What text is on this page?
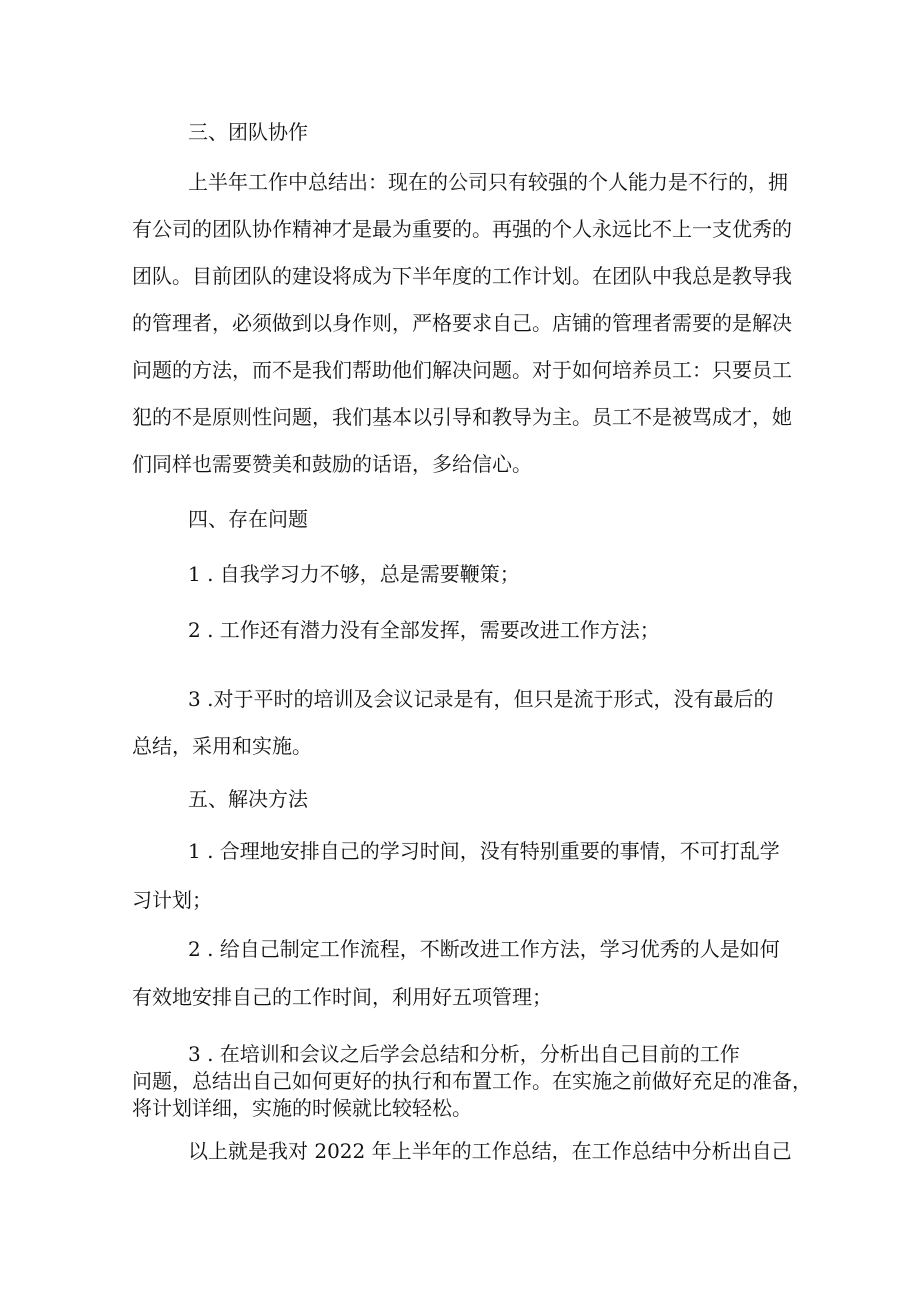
三、团队协作
上半年工作中总结出：现在的公司只有较强的个人能力是不行的，拥
有公司的团队协作精神才是最为重要的。再强的个人永远比不上一支优秀的
团队。目前团队的建设将成为下半年度的工作计划。在团队中我总是教导我
的管理者，必须做到以身作则，严格要求自己。店铺的管理者需要的是解决
问题的方法，而不是我们帮助他们解决问题。对于如何培养员工：只要员工
犯的不是原则性问题，我们基本以引导和教导为主。员工不是被骂成才，她
们同样也需要赞美和鼓励的话语，多给信心。
四、存在问题
1 . 自我学习力不够，总是需要鞭策；
2 . 工作还有潜力没有全部发挥，需要改进工作方法；
3 .对于平时的培训及会议记录是有，但只是流于形式，没有最后的
总结，采用和实施。
五、解决方法
1 . 合理地安排自己的学习时间，没有特别重要的事情，不可打乱学
习计划；
2 . 给自己制定工作流程，不断改进工作方法，学习优秀的人是如何
有效地安排自己的工作时间，利用好五项管理；
3 . 在培训和会议之后学会总结和分析，分析出自己目前的工作
问题，总结出自己如何更好的执行和布置工作。在实施之前做好充足的准备，
将计划详细，实施的时候就比较轻松。
以上就是我对 2022 年上半年的工作总结，在工作总结中分析出自己
